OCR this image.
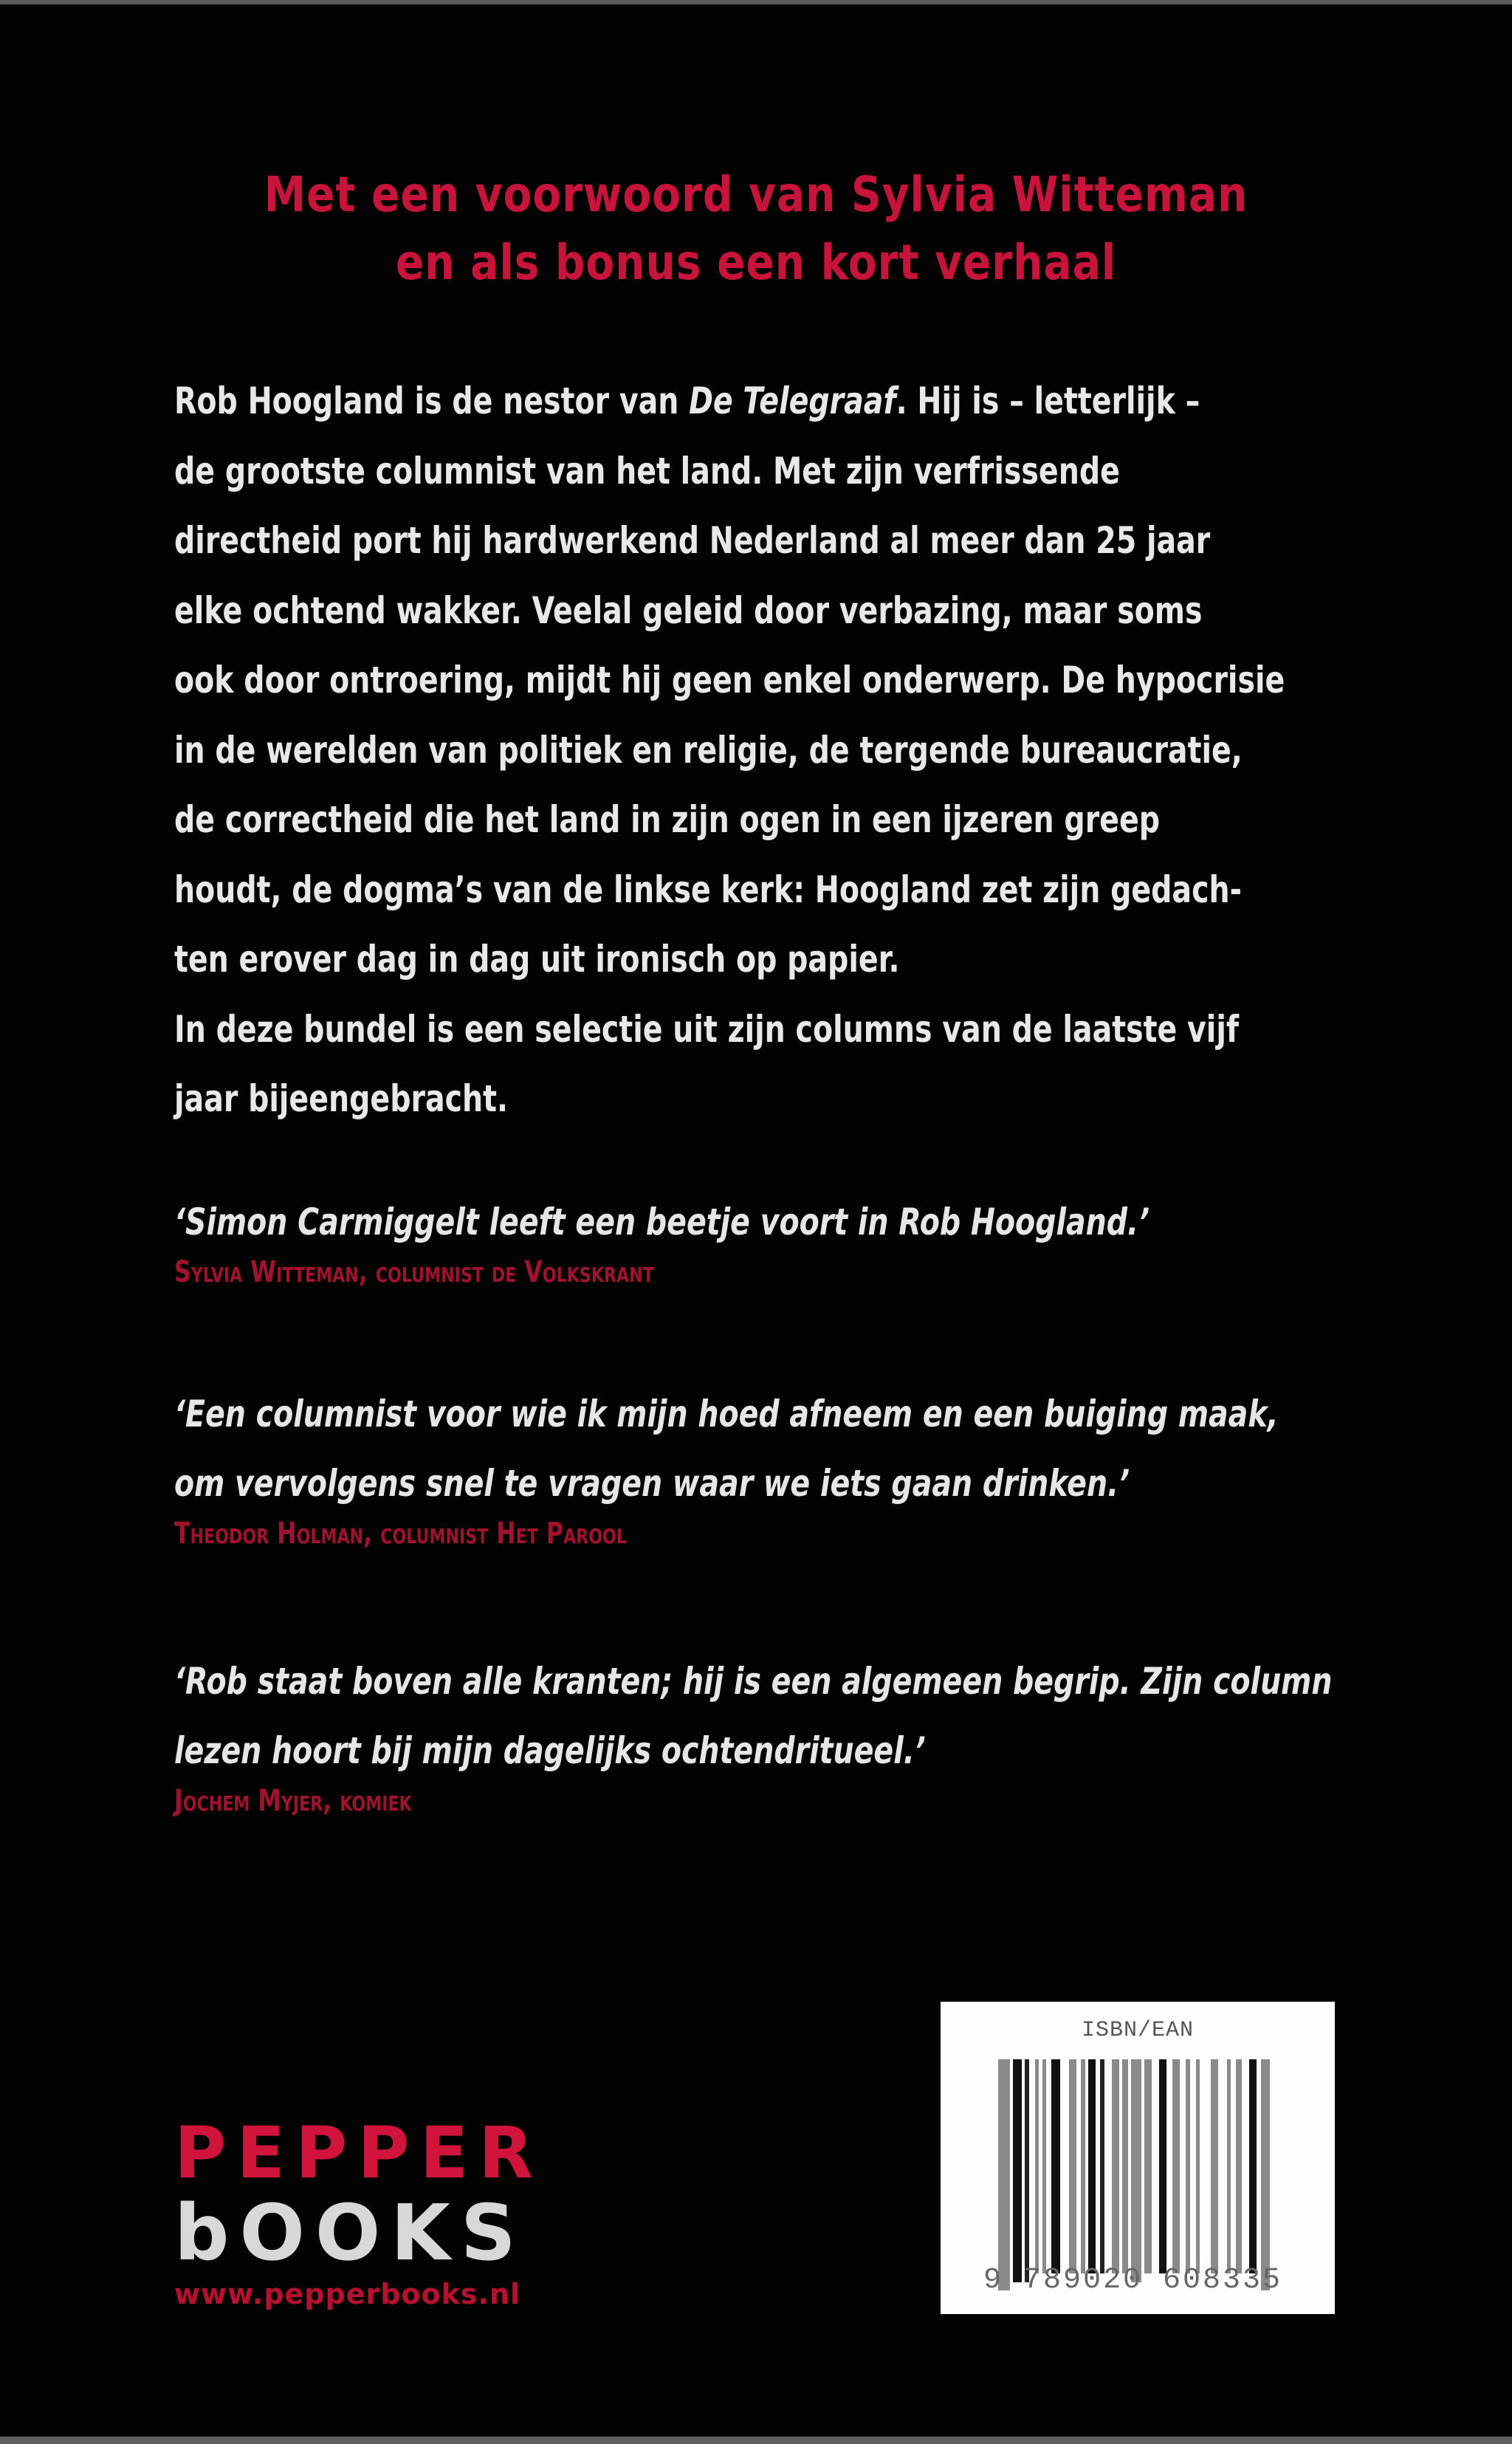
Met een voorwoord van Sylvia Witteman
en als bonus een kort verhaal
Rob Hoogland is de nestor van De Telegraaf. Hij is – letterlijk –
de grootste columnist van het land. Met zijn verfrissende
directheid port hij hardwerkend Nederland al meer dan 25 jaar
elke ochtend wakker. Veelal geleid door verbazing, maar soms
ook door ontroering, mijdt hij geen enkel onderwerp. De hypocrisie
in de werelden van politiek en religie, de tergende bureaucratie,
de correctheid die het land in zijn ogen in een ijzeren greep
houdt, de dogma’s van de linkse kerk: Hoogland zet zijn gedach-
ten erover dag in dag uit ironisch op papier.
In deze bundel is een selectie uit zijn columns van de laatste vijf
jaar bijeengebracht.
‘Simon Carmiggelt leeft een beetje voort in Rob Hoogland.’
Sylvia Witteman, columnist de Volkskrant
‘Een columnist voor wie ik mijn hoed afneem en een buiging maak,
om vervolgens snel te vragen waar we iets gaan drinken.’
Theodor Holman, columnist Het Parool
‘Rob staat boven alle kranten; hij is een algemeen begrip. Zijn column
lezen hoort bij mijn dagelijks ochtendritueel.’
Jochem Myjer, komiek
PEPPER
bOOKS
www.pepperbooks.nl
ISBN/EAN
9 789020 608335
